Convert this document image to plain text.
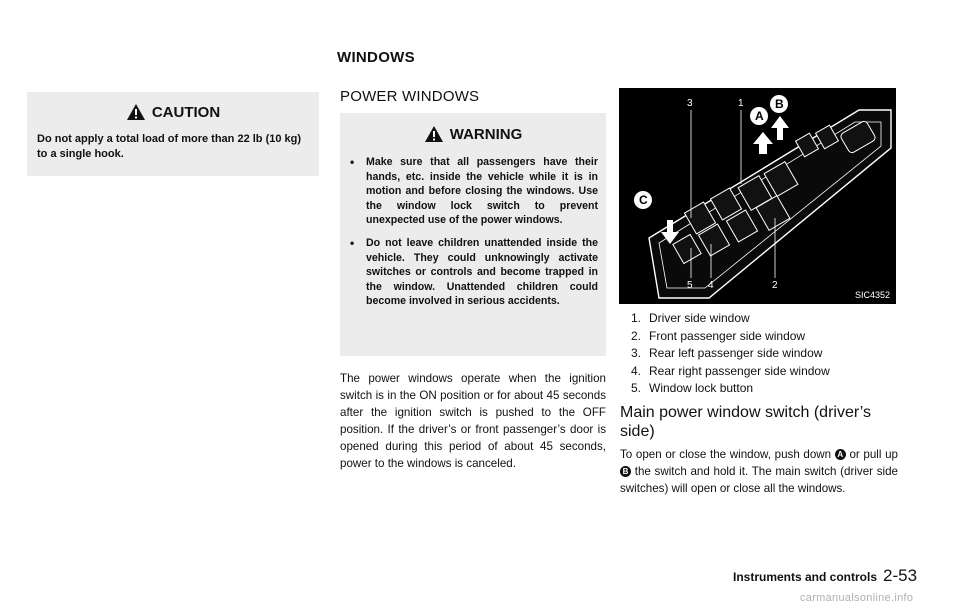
WINDOWS
CAUTION
Do not apply a total load of more than 22 lb (10 kg) to a single hook.
POWER WINDOWS
WARNING
• Make sure that all passengers have their hands, etc. inside the vehicle while it is in motion and before closing the windows. Use the window lock switch to prevent unexpected use of the power windows.
• Do not leave children unattended inside the vehicle. They could unknowingly activate switches or controls and become trapped in the window. Unattended children could become involved in serious accidents.
The power windows operate when the ignition switch is in the ON position or for about 45 seconds after the ignition switch is pushed to the OFF position. If the driver’s or front passenger’s door is opened during this period of about 45 seconds, power to the windows is canceled.
3	1
5 4	2
A
B
C
SIC4352
1. Driver side window
2. Front passenger side window
3. Rear left passenger side window
4. Rear right passenger side window
5. Window lock button
Main power window switch (driver’s side)
To open or close the window, push down A or pull up B the switch and hold it. The main switch (driver side switches) will open or close all the windows.
Instruments and controls 2-53
carmanualsonline.info
